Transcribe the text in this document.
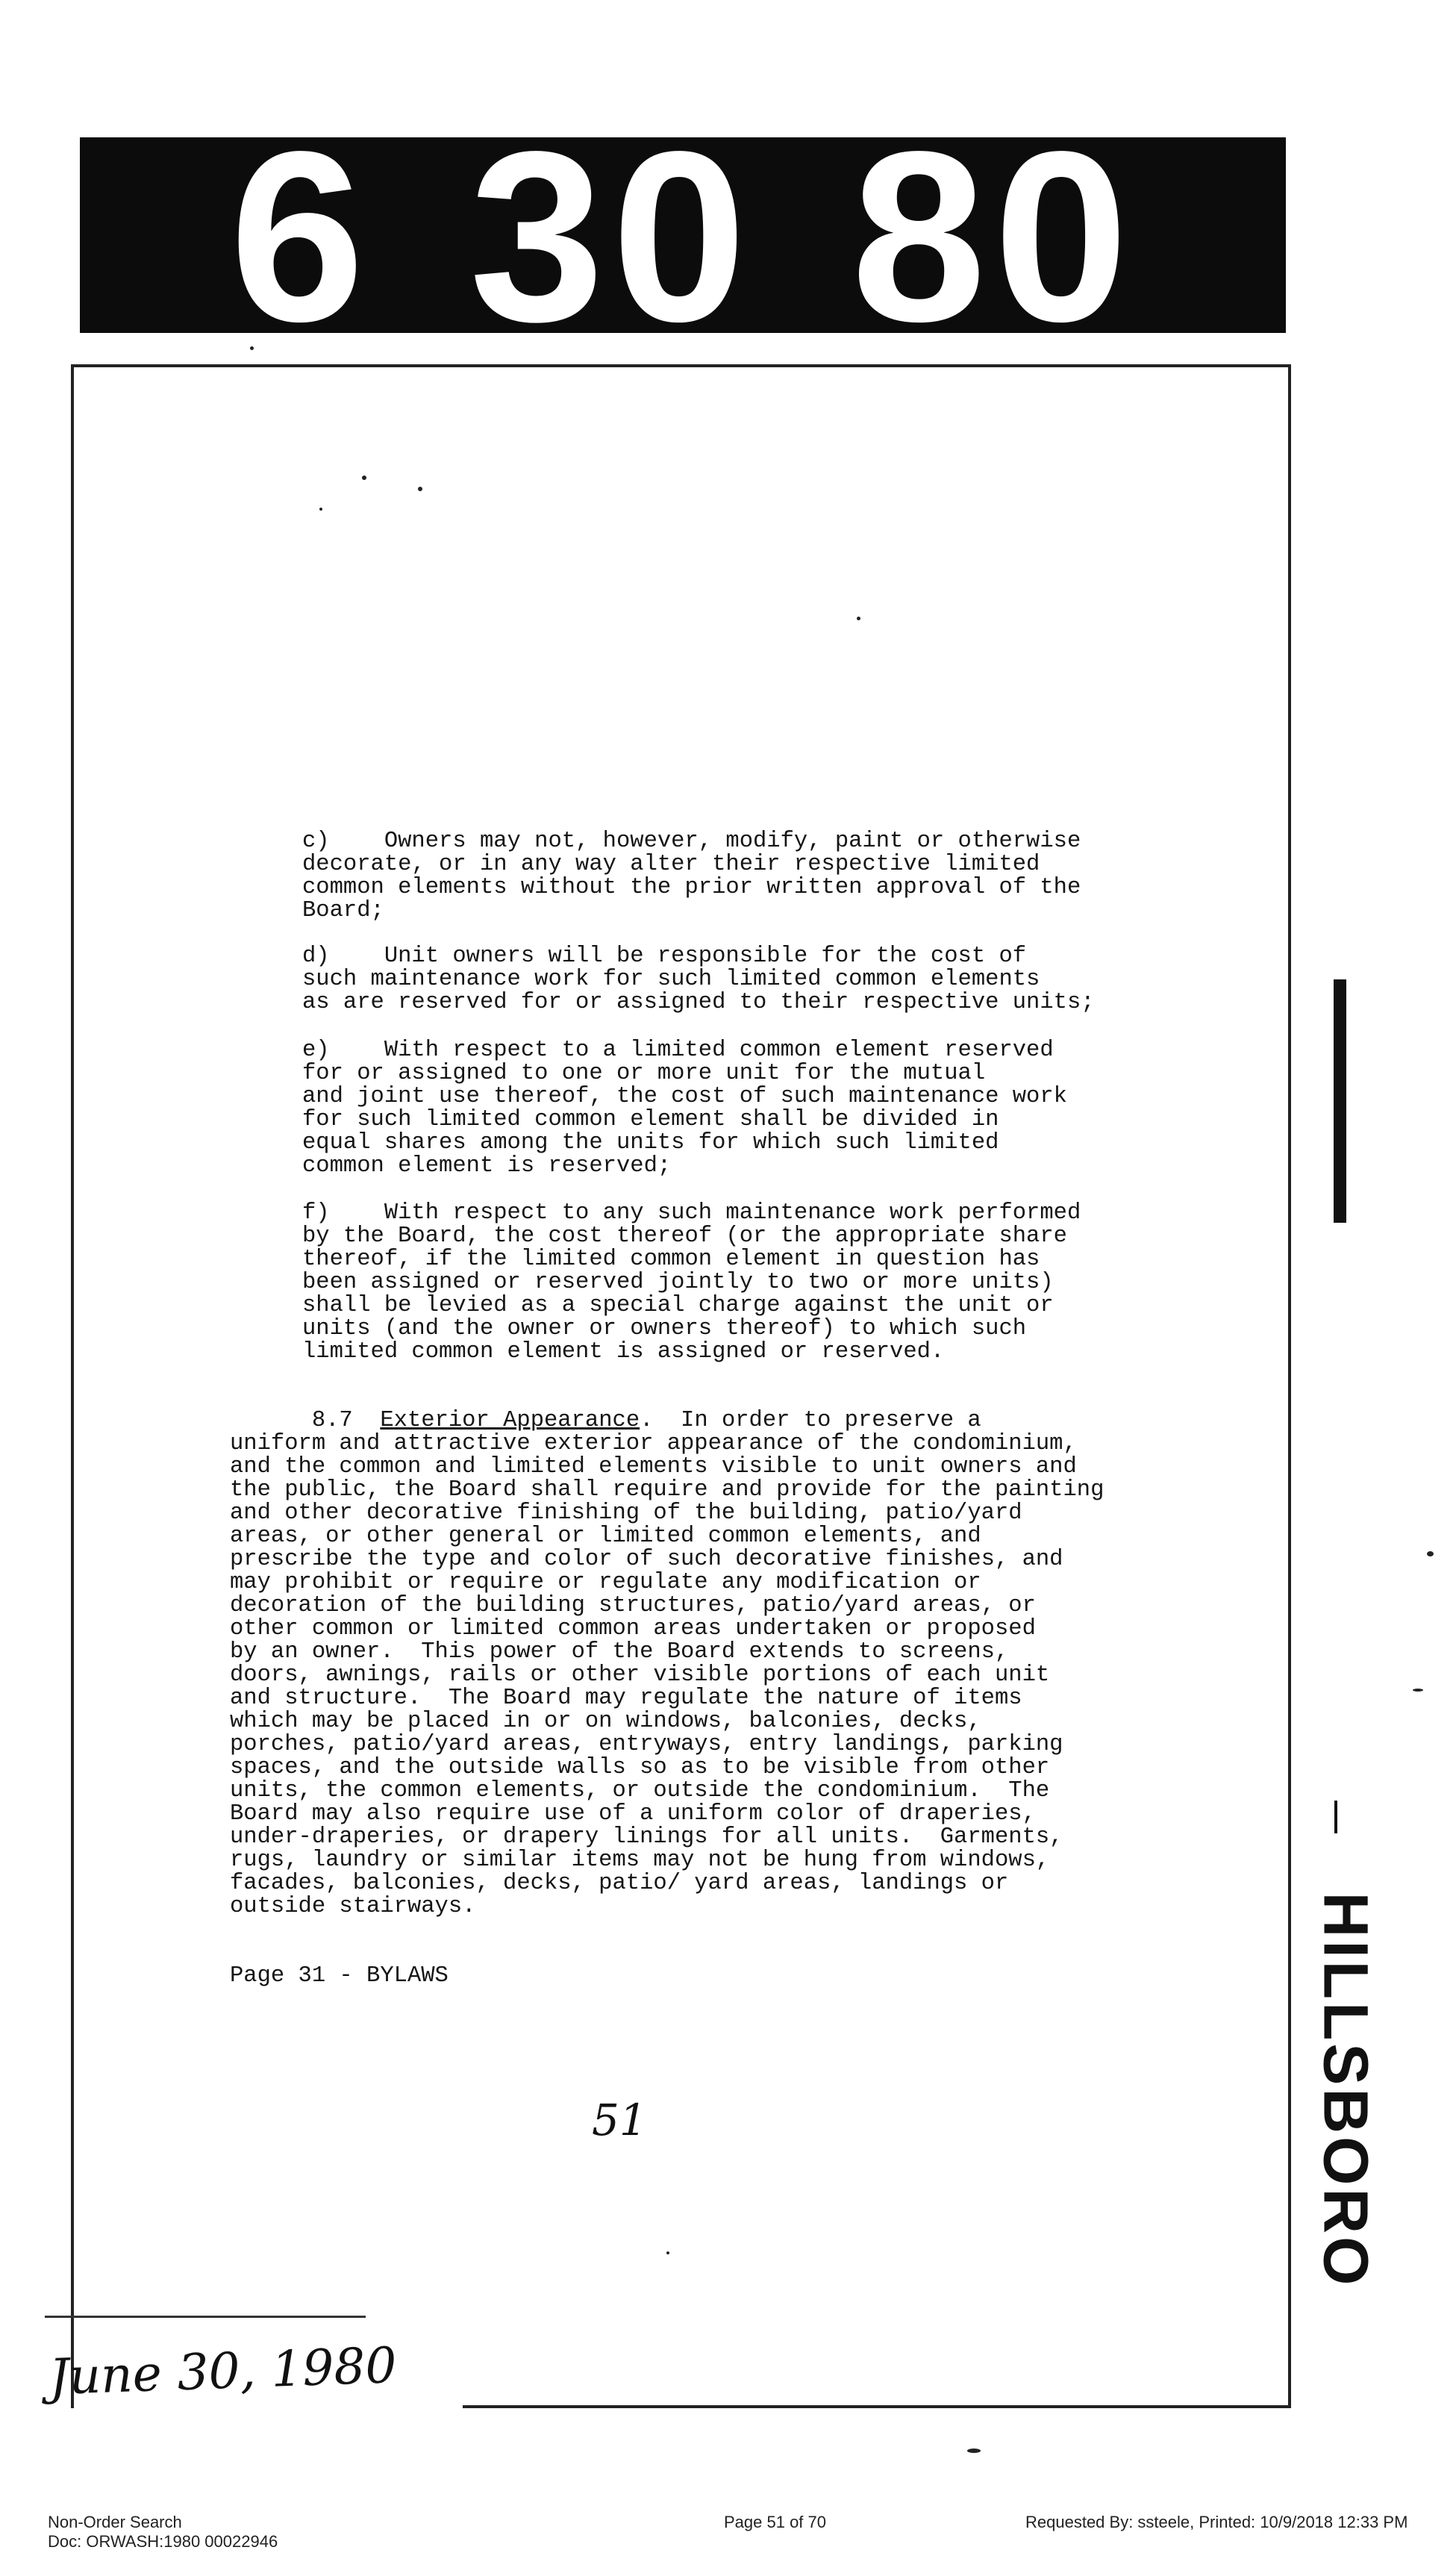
6 30 80
c)    Owners may not, however, modify, paint or otherwise
decorate, or in any way alter their respective limited
common elements without the prior written approval of the
Board;
d)    Unit owners will be responsible for the cost of
such maintenance work for such limited common elements
as are reserved for or assigned to their respective units;
e)    With respect to a limited common element reserved
for or assigned to one or more unit for the mutual
and joint use thereof, the cost of such maintenance work
for such limited common element shall be divided in
equal shares among the units for which such limited
common element is reserved;
f)    With respect to any such maintenance work performed
by the Board, the cost thereof (or the appropriate share
thereof, if the limited common element in question has
been assigned or reserved jointly to two or more units)
shall be levied as a special charge against the unit or
units (and the owner or owners thereof) to which such
limited common element is assigned or reserved.
8.7 Exterior Appearance.  In order to preserve a
uniform and attractive exterior appearance of the condominium,
and the common and limited elements visible to unit owners and
the public, the Board shall require and provide for the painting
and other decorative finishing of the building, patio/yard
areas, or other general or limited common elements, and
prescribe the type and color of such decorative finishes, and
may prohibit or require or regulate any modification or
decoration of the building structures, patio/yard areas, or
other common or limited common areas undertaken or proposed
by an owner.  This power of the Board extends to screens,
doors, awnings, rails or other visible portions of each unit
and structure.  The Board may regulate the nature of items
which may be placed in or on windows, balconies, decks,
porches, patio/yard areas, entryways, entry landings, parking
spaces, and the outside walls so as to be visible from other
units, the common elements, or outside the condominium.  The
Board may also require use of a uniform color of draperies,
under-draperies, or drapery linings for all units.  Garments,
rugs, laundry or similar items may not be hung from windows,
facades, balconies, decks, patio/ yard areas, landings or
outside stairways.
Page 31 - BYLAWS
51
June 30, 1980
HILLSBORO
Non-Order Search
Doc: ORWASH:1980 00022946
Page 51 of 70	Requested By: ssteele, Printed: 10/9/2018 12:33 PM
